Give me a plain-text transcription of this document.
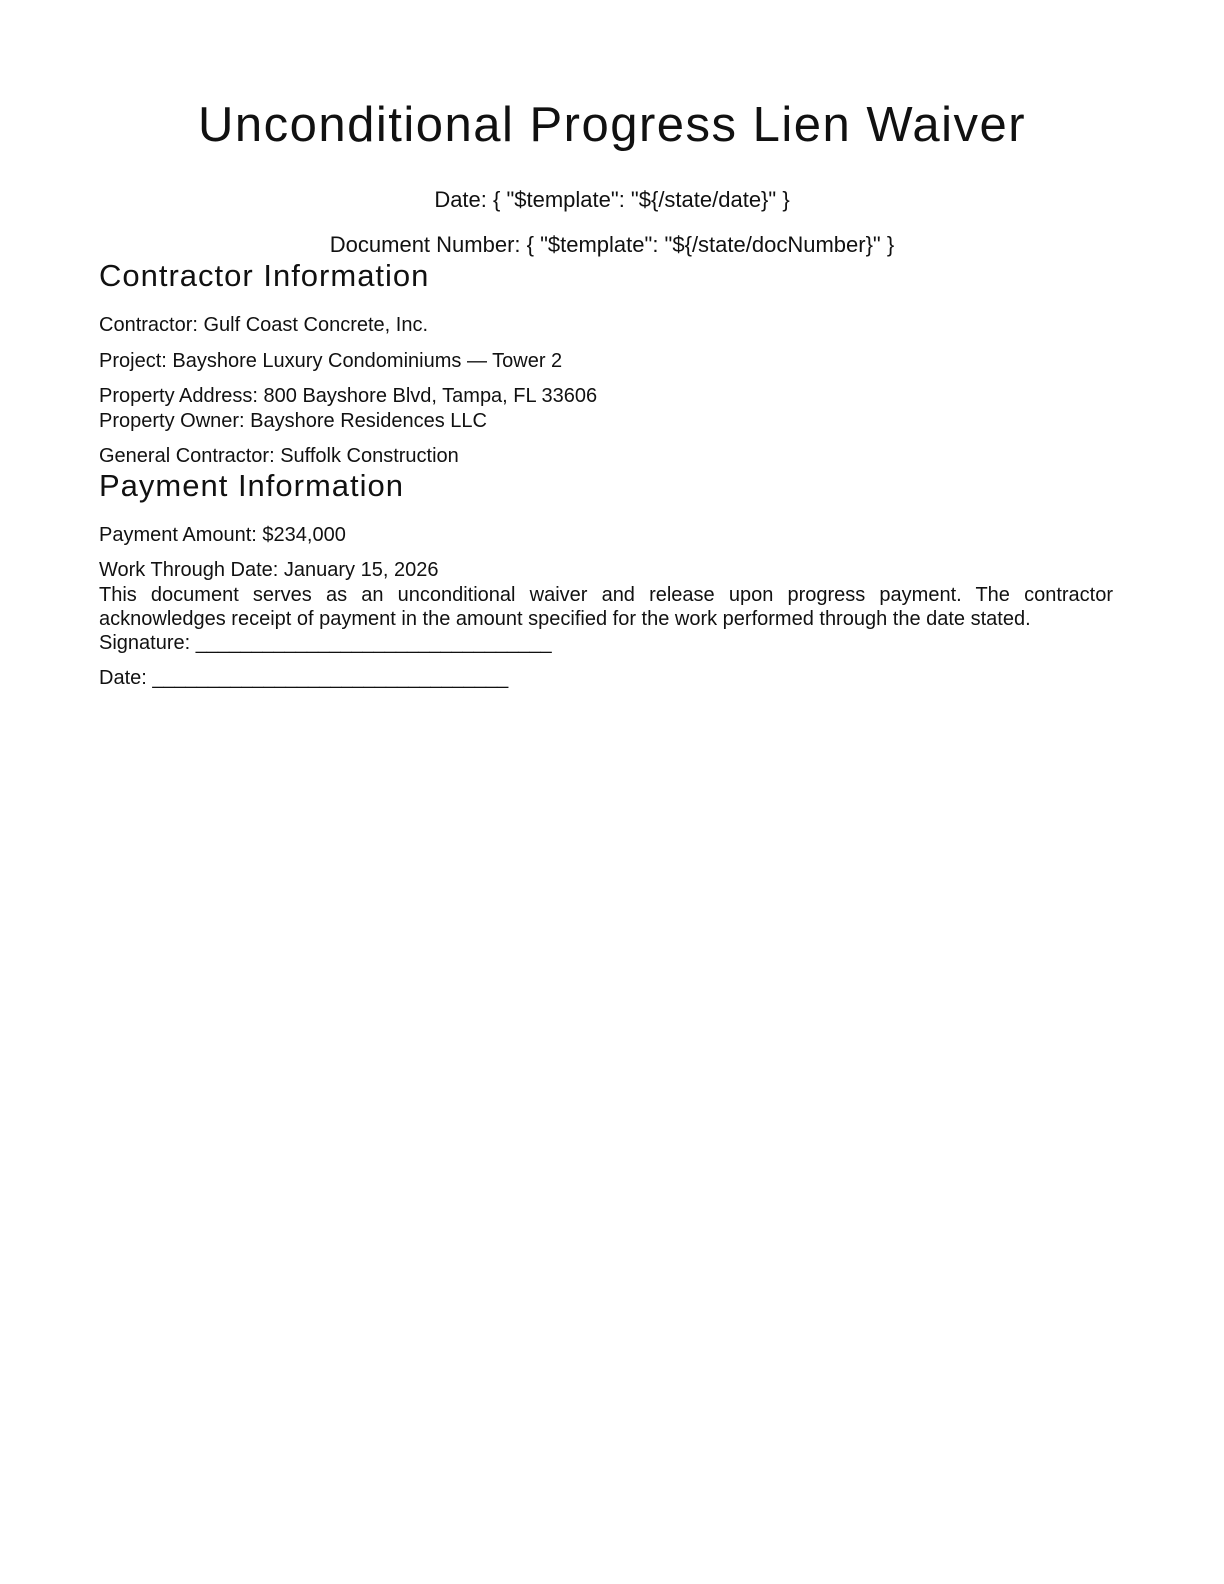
Unconditional Progress Lien Waiver
Date: { "$template": "${/state/date}" }
Document Number: { "$template": "${/state/docNumber}" }
Contractor Information
Contractor: Gulf Coast Concrete, Inc.
Project: Bayshore Luxury Condominiums — Tower 2
Property Address: 800 Bayshore Blvd, Tampa, FL 33606
Property Owner: Bayshore Residences LLC
General Contractor: Suffolk Construction
Payment Information
Payment Amount: $234,000
Work Through Date: January 15, 2026
This document serves as an unconditional waiver and release upon progress payment. The contractor acknowledges receipt of payment in the amount specified for the work performed through the date stated.
Signature: ________________________________
Date: ________________________________
